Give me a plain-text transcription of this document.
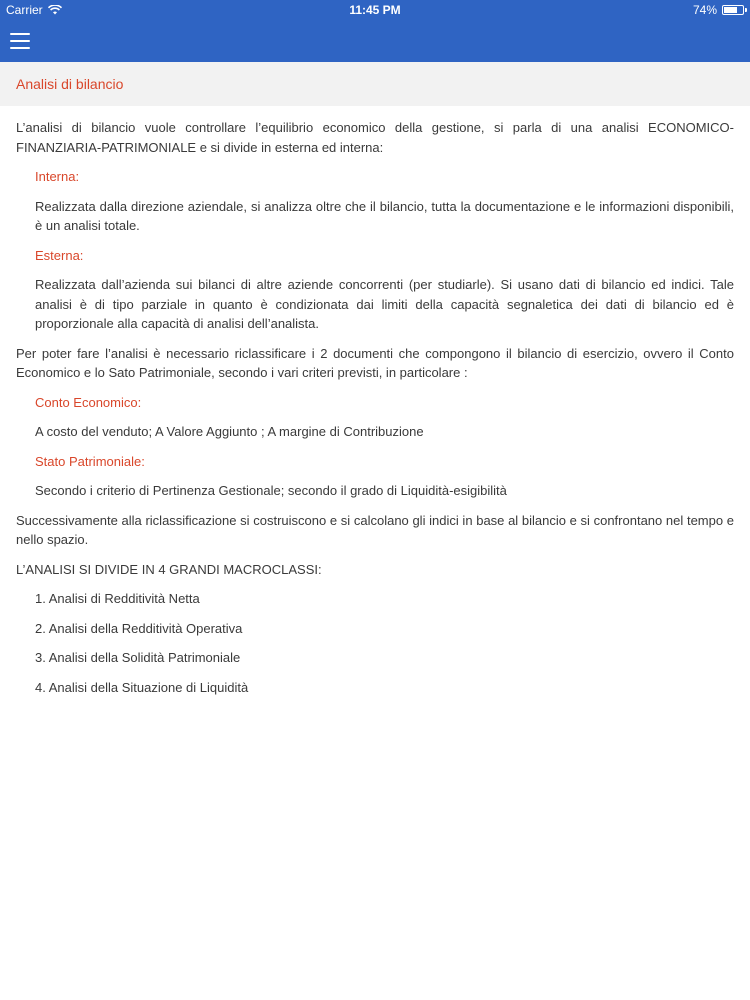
Carrier	11:45 PM	74%
Analisi di bilancio

L’analisi di bilancio vuole controllare l’equilibrio economico della gestione, si parla di una analisi ECONOMICO-FINANZIARIA-PATRIMONIALE e si divide in esterna ed interna:

Interna:

Realizzata dalla direzione aziendale, si analizza oltre che il bilancio, tutta la documentazione e le informazioni disponibili, è un analisi totale.

Esterna:

Realizzata dall’azienda sui bilanci di altre aziende concorrenti (per studiarle). Si usano dati di bilancio ed indici. Tale analisi è di tipo parziale in quanto è condizionata dai limiti della capacità segnaletica dei dati di bilancio ed è proporzionale alla capacità di analisi dell’analista.

Per poter fare l’analisi è necessario riclassificare i 2 documenti che compongono il bilancio di esercizio, ovvero il Conto Economico e lo Sato Patrimoniale, secondo i vari criteri previsti, in particolare :

Conto Economico:

A costo del venduto; A Valore Aggiunto ; A margine di Contribuzione

Stato Patrimoniale:

Secondo i criterio di Pertinenza Gestionale; secondo il grado di Liquidità-esigibilità

Successivamente alla riclassificazione si costruiscono e si calcolano gli indici in base al bilancio e si confrontano nel tempo e nello spazio.

L’ANALISI SI DIVIDE IN 4 GRANDI MACROCLASSI:

1. Analisi di Redditività Netta

2. Analisi della Redditività Operativa

3. Analisi della Solidità Patrimoniale

4. Analisi della Situazione di Liquidità
